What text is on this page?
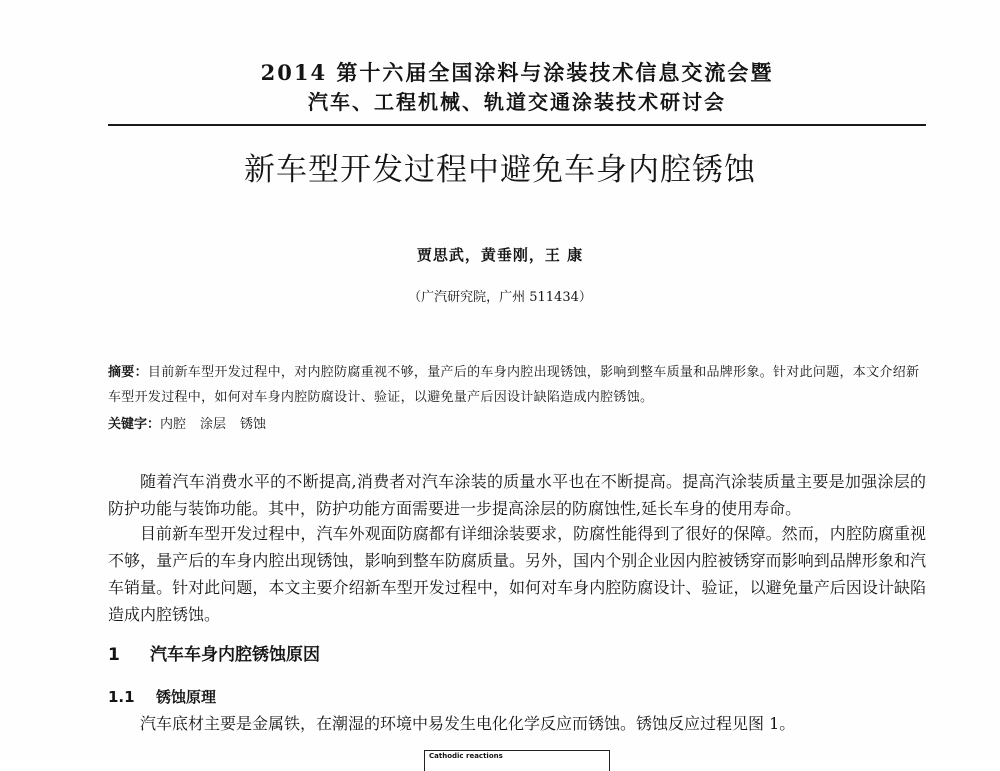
2014 第十六届全国涂料与涂装技术信息交流会暨
汽车、工程机械、轨道交通涂装技术研讨会
新车型开发过程中避免车身内腔锈蚀
贾思武，黄垂刚，王 康
（广汽研究院，广州 511434）
摘要：目前新车型开发过程中，对内腔防腐重视不够，量产后的车身内腔出现锈蚀，影响到整车质量和品牌形象。针对此问题，本文介绍新车型开发过程中，如何对车身内腔防腐设计、验证，以避免量产后因设计缺陷造成内腔锈蚀。
关键字：内腔 涂层 锈蚀

随着汽车消费水平的不断提高,消费者对汽车涂装的质量水平也在不断提高。提高汽涂装质量主要是加强涂层的防护功能与装饰功能。其中，防护功能方面需要进一步提高涂层的防腐蚀性,延长车身的使用寿命。

目前新车型开发过程中，汽车外观面防腐都有详细涂装要求，防腐性能得到了很好的保障。然而，内腔防腐重视不够，量产后的车身内腔出现锈蚀，影响到整车防腐质量。另外，国内个别企业因内腔被锈穿而影响到品牌形象和汽车销量。针对此问题，本文主要介绍新车型开发过程中，如何对车身内腔防腐设计、验证，以避免量产后因设计缺陷造成内腔锈蚀。

1 汽车车身内腔锈蚀原因
1.1 锈蚀原理

汽车底材主要是金属铁，在潮湿的环境中易发生电化化学反应而锈蚀。锈蚀反应过程见图 1。

Cathodic reactions
